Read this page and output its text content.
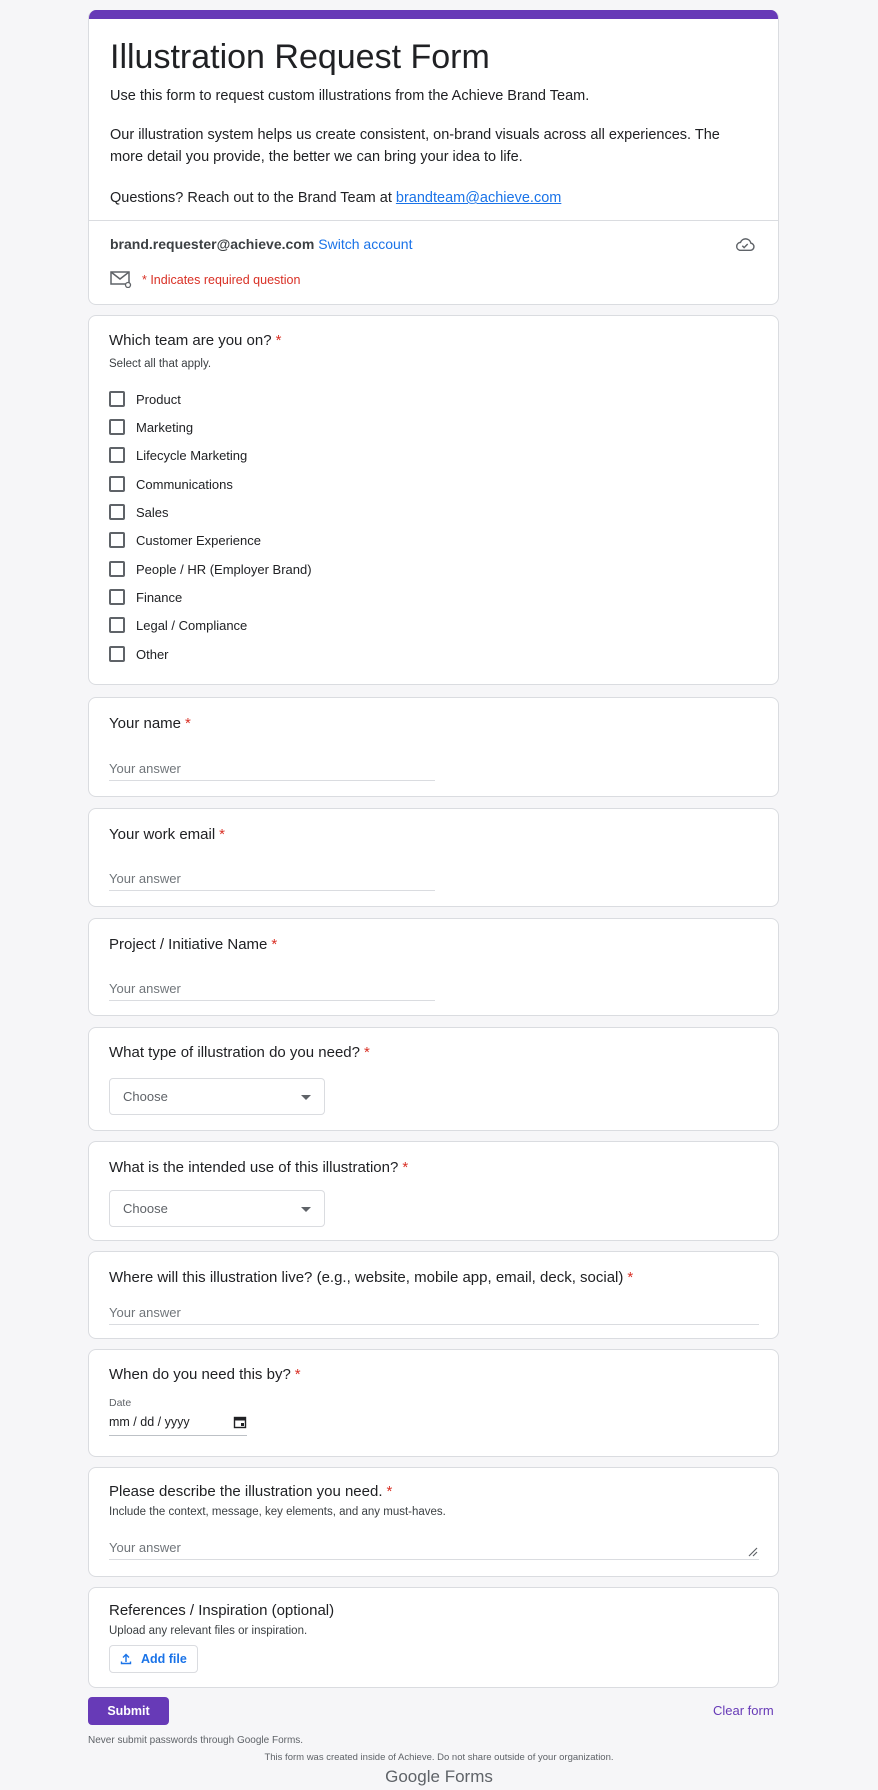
Illustration Request Form
Use this form to request custom illustrations from the Achieve Brand Team.
Our illustration system helps us create consistent, on-brand visuals across all experiences. The more detail you provide, the better we can bring your idea to life.
Questions? Reach out to the Brand Team at brandteam@achieve.com
brand.requester@achieve.com Switch account
* Indicates required question
Which team are you on? *
Select all that apply.
Product
Marketing
Lifecycle Marketing
Communications
Sales
Customer Experience
People / HR (Employer Brand)
Finance
Legal / Compliance
Other
Your name *
Your answer
Your work email *
Your answer
Project / Initiative Name *
Your answer
What type of illustration do you need? *
Choose
What is the intended use of this illustration? *
Choose
Where will this illustration live? (e.g., website, mobile app, email, deck, social) *
Your answer
When do you need this by? *
Date
mm / dd / yyyy
Please describe the illustration you need. *
Include the context, message, key elements, and any must-haves.
Your answer
References / Inspiration (optional)
Upload any relevant files or inspiration.
Add file
Submit	Clear form
Never submit passwords through Google Forms.
This form was created inside of Achieve. Do not share outside of your organization.
Google Forms
